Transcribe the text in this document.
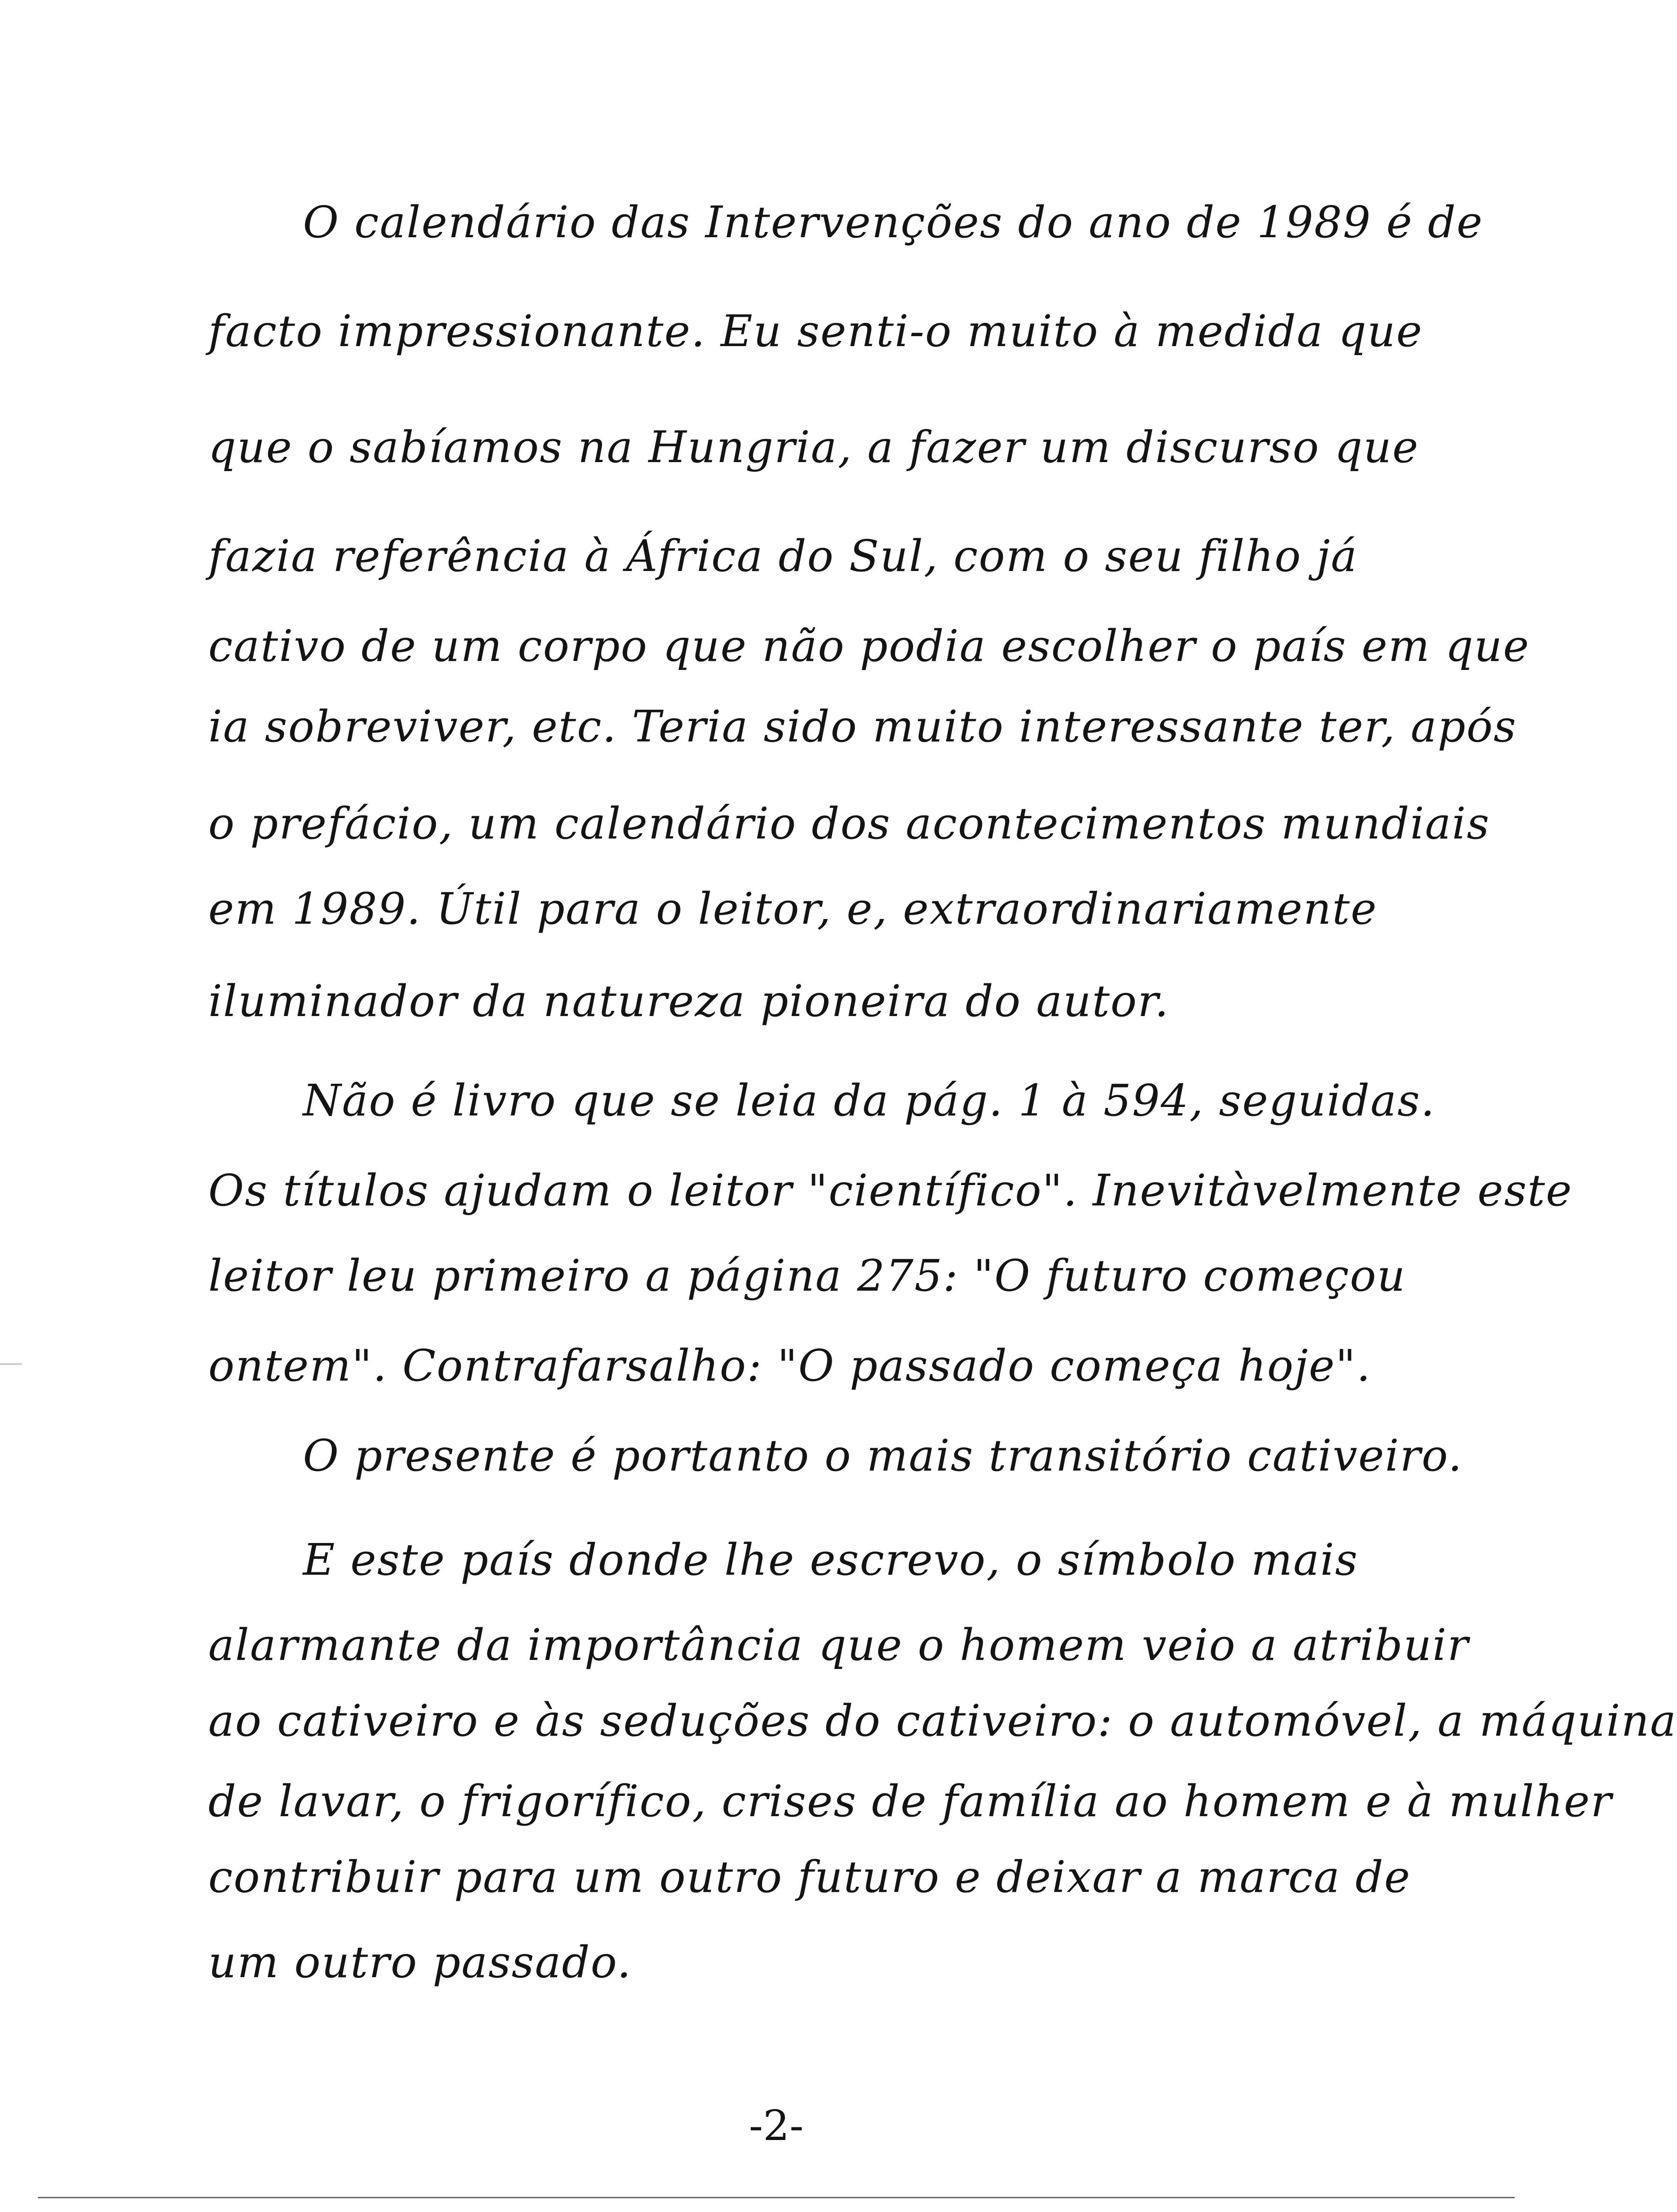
O calendário das Intervenções do ano de 1989 é de

facto impressionante. Eu senti-o muito à medida que

que o sabíamos na Hungria, a fazer um discurso que

fazia referência à África do Sul, com o seu filho já

cativo de um corpo que não podia escolher o país em que

ia sobreviver, etc. Teria sido muito interessante ter, após

o prefácio, um calendário dos acontecimentos mundiais

em 1989. Útil para o leitor, e, extraordinariamente

iluminador da natureza pioneira do autor.

Não é livro que se leia da pág. 1 à 594, seguidas.

Os títulos ajudam o leitor "científico". Inevitàvelmente este

leitor leu primeiro a página 275: "O futuro começou

ontem". Contrafarsalho: "O passado começa hoje".

O presente é portanto o mais transitório cativeiro.

E este país donde lhe escrevo, o símbolo mais

alarmante da importância que o homem veio a atribuir

ao cativeiro e às seduções do cativeiro: o automóvel, a máquina

de lavar, o frigorífico, crises de família ao homem e à mulher

contribuir para um outro futuro e deixar a marca de

um outro passado.

-2-
